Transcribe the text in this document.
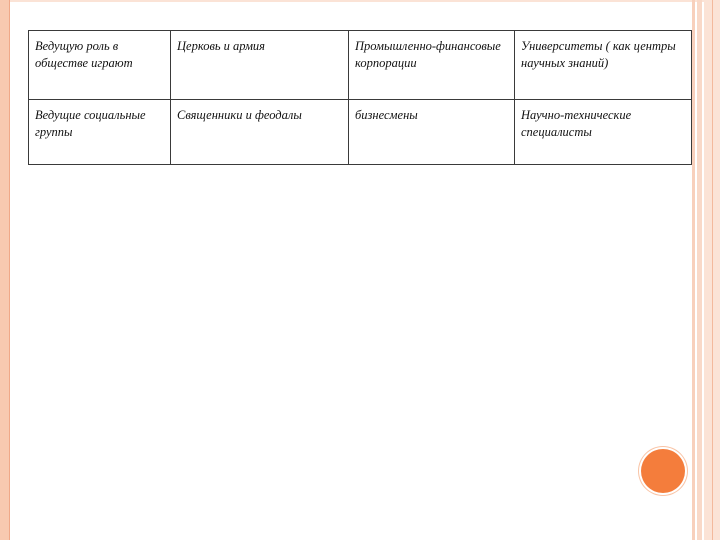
Ведущую роль в обществе играют	Церковь и армия	Промышленно-финансовые корпорации	Университеты ( как центры научных знаний)
Ведущие социальные группы	Священники и феодалы	бизнесмены	Научно-технические специалисты
